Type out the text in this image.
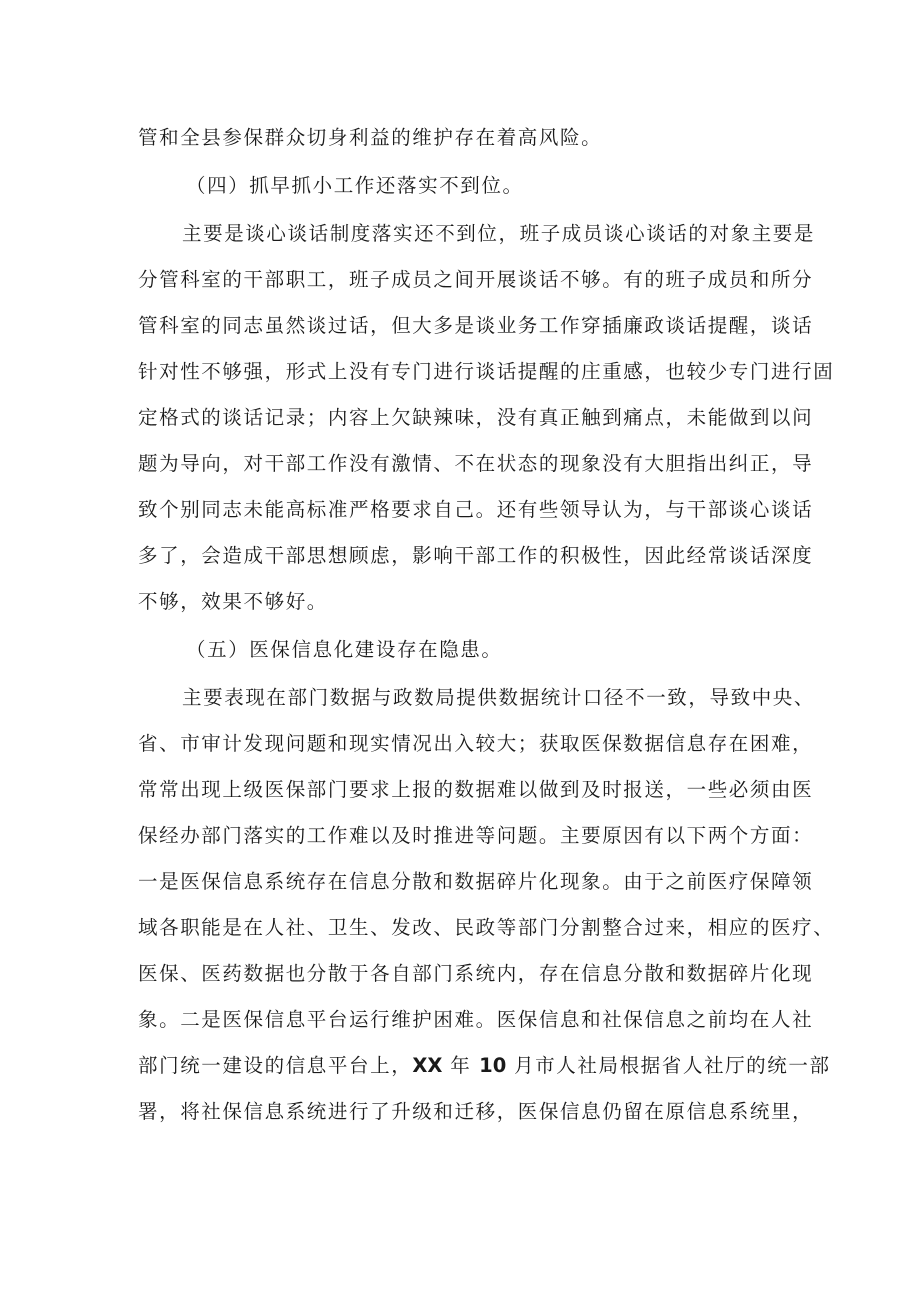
管和全县参保群众切身利益的维护存在着高风险。
（四）抓早抓小工作还落实不到位。
主要是谈心谈话制度落实还不到位，班子成员谈心谈话的对象主要是
分管科室的干部职工，班子成员之间开展谈话不够。有的班子成员和所分
管科室的同志虽然谈过话，但大多是谈业务工作穿插廉政谈话提醒，谈话
针对性不够强，形式上没有专门进行谈话提醒的庄重感，也较少专门进行固
定格式的谈话记录；内容上欠缺辣味，没有真正触到痛点，未能做到以问
题为导向，对干部工作没有激情、不在状态的现象没有大胆指出纠正，导
致个别同志未能高标准严格要求自己。还有些领导认为，与干部谈心谈话
多了，会造成干部思想顾虑，影响干部工作的积极性，因此经常谈话深度
不够，效果不够好。
（五）医保信息化建设存在隐患。
主要表现在部门数据与政数局提供数据统计口径不一致，导致中央、
省、市审计发现问题和现实情况出入较大；获取医保数据信息存在困难，
常常出现上级医保部门要求上报的数据难以做到及时报送，一些必须由医
保经办部门落实的工作难以及时推进等问题。主要原因有以下两个方面：
一是医保信息系统存在信息分散和数据碎片化现象。由于之前医疗保障领
域各职能是在人社、卫生、发改、民政等部门分割整合过来，相应的医疗、
医保、医药数据也分散于各自部门系统内，存在信息分散和数据碎片化现
象。二是医保信息平台运行维护困难。医保信息和社保信息之前均在人社
部门统一建设的信息平台上，XX 年 10 月市人社局根据省人社厅的统一部
署，将社保信息系统进行了升级和迁移，医保信息仍留在原信息系统里，
